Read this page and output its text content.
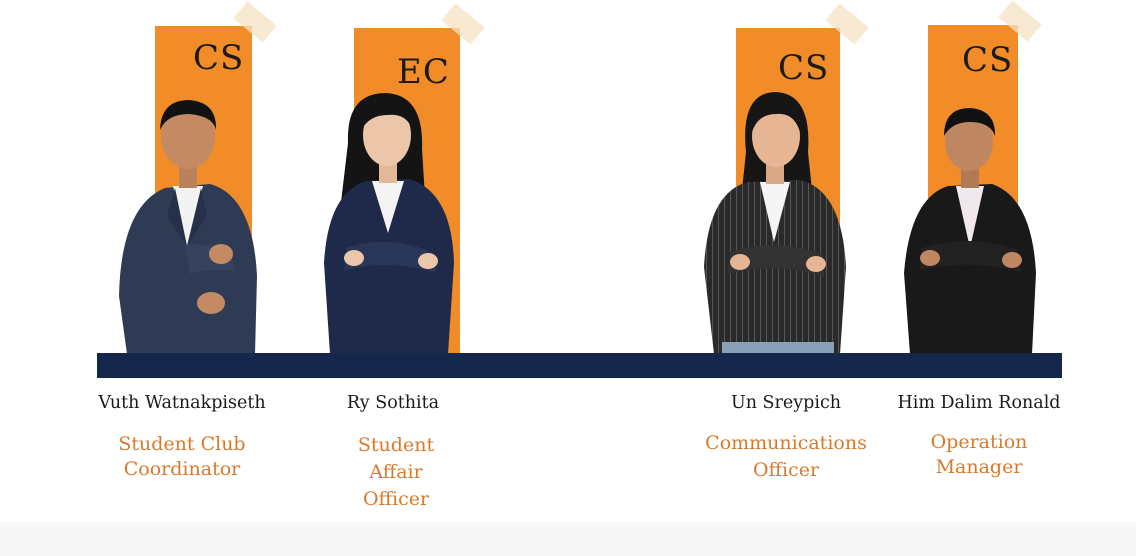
CS	EC	CS	CS
Vuth Watnakpiseth	Ry Sothita	Un Sreypich	Him Dalim Ronald
Student Club
Coordinator
Student
Affair
Officer
Communications
Officer
Operation
Manager
